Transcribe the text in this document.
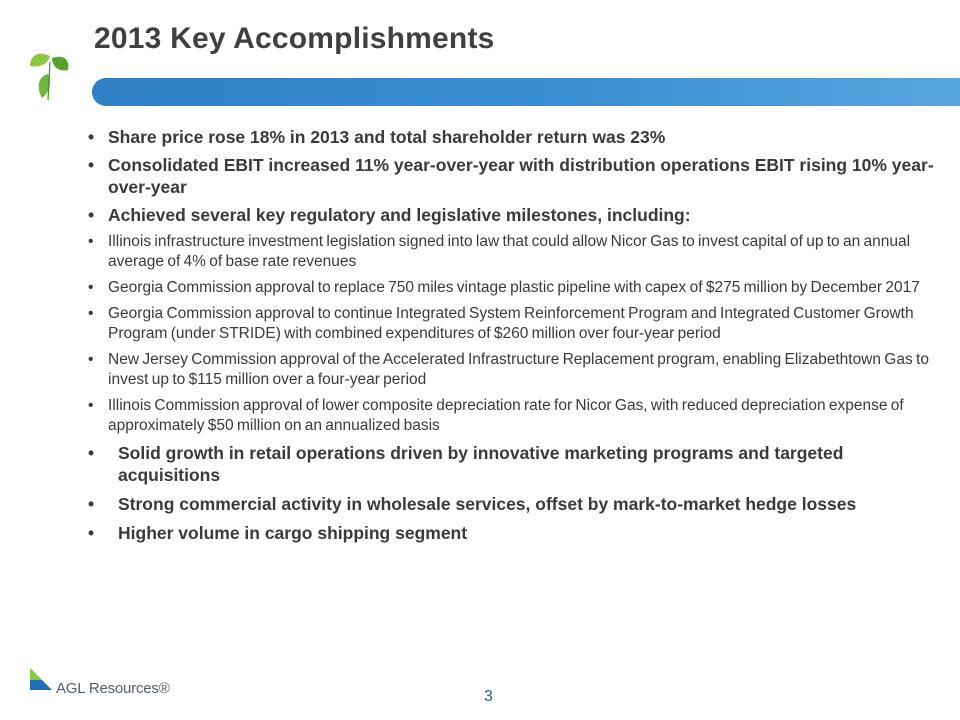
2013 Key Accomplishments
• Share price rose 18% in 2013 and total shareholder return was 23%
• Consolidated EBIT increased 11% year-over-year with distribution operations EBIT rising 10% year-over-year
• Achieved several key regulatory and legislative milestones, including:
• Illinois infrastructure investment legislation signed into law that could allow Nicor Gas to invest capital of up to an annual average of 4% of base rate revenues
• Georgia Commission approval to replace 750 miles vintage plastic pipeline with capex of $275 million by December 2017
• Georgia Commission approval to continue Integrated System Reinforcement Program and Integrated Customer Growth Program (under STRIDE) with combined expenditures of $260 million over four-year period
• New Jersey Commission approval of the Accelerated Infrastructure Replacement program, enabling Elizabethtown Gas to invest up to $115 million over a four-year period
• Illinois Commission approval of lower composite depreciation rate for Nicor Gas, with reduced depreciation expense of approximately $50 million on an annualized basis
• Solid growth in retail operations driven by innovative marketing programs and targeted acquisitions
• Strong commercial activity in wholesale services, offset by mark-to-market hedge losses
• Higher volume in cargo shipping segment
AGL Resources®	3
